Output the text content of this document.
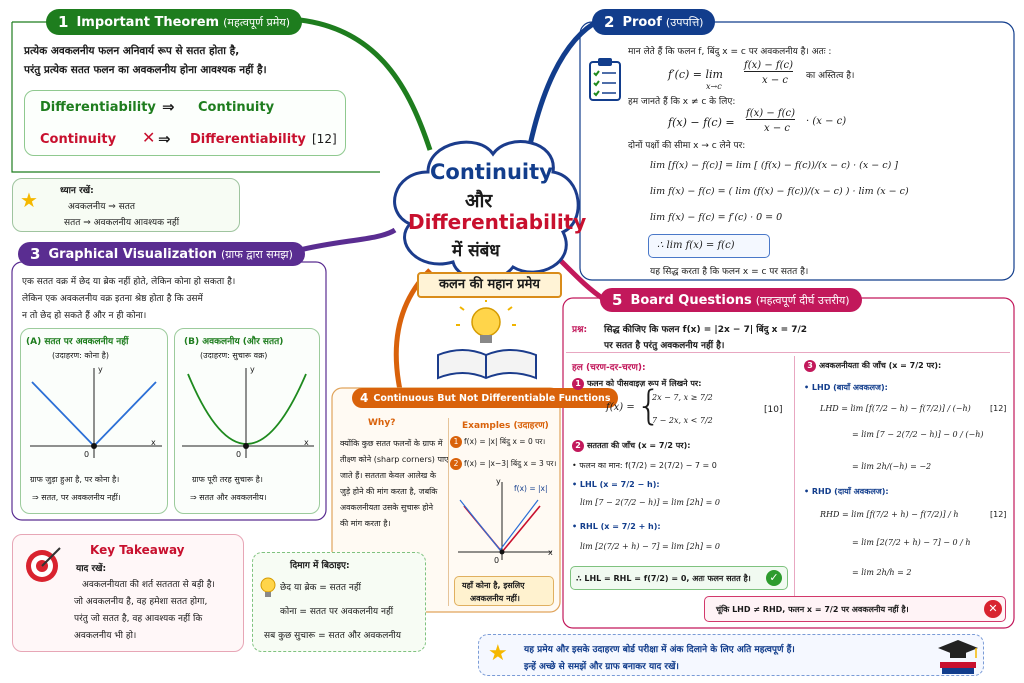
Continuity
और
Differentiability
में संबंध
कलन की महान प्रमेय
1 Important Theorem (महत्वपूर्ण प्रमेय)
प्रत्येक अवकलनीय फलन अनिवार्य रूप से सतत होता है,
परंतु प्रत्येक सतत फलन का अवकलनीय होना आवश्यक नहीं है।
Differentiability ⇒ Continuity
Continuity ✕ ⇒ Differentiability [12]
★ ध्यान रखें:
अवकलनीय ⇒ सतत
सतत ⇒ अवकलनीय आवश्यक नहीं
3 Graphical Visualization (ग्राफ द्वारा समझ)
एक सतत वक्र में छेद या ब्रेक नहीं होते, लेकिन कोना हो सकता है।
लेकिन एक अवकलनीय वक्र इतना श्रेष्ठ होता है कि उसमें
न तो छेद हो सकते हैं और न ही कोना।
(A) सतत पर अवकलनीय नहीं
(उदाहरण: कोना है)
x
y
0
ग्राफ जुड़ा हुआ है, पर कोना है।
⇒ सतत, पर अवकलनीय नहीं।
(B) अवकलनीय (और सतत)
(उदाहरण: सुचारू वक्र)
x
y
0
ग्राफ पूरी तरह सुचारू है।
⇒ सतत और अवकलनीय।
2 Proof (उपपत्ति)
मान लेते हैं कि फलन f, बिंदु x = c पर अवकलनीय है। अतः :
f′(c) = lim
x→c
f(x) − f(c)
x − c का अस्तित्व है।
हम जानते हैं कि x ≠ c के लिए:
f(x) − f(c) =
f(x) − f(c)
x − c
· (x − c)
दोनों पक्षों की सीमा x → c लेने पर:
lim [f(x) − f(c)] = lim [ (f(x) − f(c))/(x − c) · (x − c) ]
lim f(x) − f(c) = ( lim (f(x) − f(c))/(x − c) ) · lim (x − c)
lim f(x) − f(c) = f′(c) · 0 = 0
∴ lim f(x) = f(c)
यह सिद्ध करता है कि फलन x = c पर सतत है।
4 Continuous But Not Differentiable Functions
Why?
क्योंकि कुछ सतत फलनों के ग्राफ में
तीक्ष्ण कोने (sharp corners) पाए
जाते हैं। सततता केवल आलेख के
जुड़े होने की मांग करता है, जबकि
अवकलनीयता उसके सुचारू होने
की मांग करता है।
Examples (उदाहरण)
1 f(x) = |x| बिंदु x = 0 पर।
2 f(x) = |x−3| बिंदु x = 3 पर।
f(x) = |x|
x
y
0
यहाँ कोना है, इसलिए
अवकलनीय नहीं।
5 Board Questions (महत्वपूर्ण दीर्घ उत्तरीय)
प्रश्न: सिद्ध कीजिए कि फलन f(x) = |2x − 7| बिंदु x = 7/2
पर सतत है परंतु अवकलनीय नहीं है।
हल (चरण-दर-चरण):
1 फलन को पीसवाइज़ रूप में लिखने पर:
f(x) = {
2x − 7, x ≥ 7/2
7 − 2x, x < 7/2
[10]
2 सततता की जाँच (x = 7/2 पर):
• फलन का मान: f(7/2) = 2(7/2) − 7 = 0
• LHL (x = 7/2 − h):
lim [7 − 2(7/2 − h)] = lim [2h] = 0
• RHL (x = 7/2 + h):
lim [2(7/2 + h) − 7] = lim [2h] = 0
∴ LHL = RHL = f(7/2) = 0, अतः फलन सतत है।	✓
3 अवकलनीयता की जाँच (x = 7/2 पर):
• LHD (बायाँ अवकलज):
LHD = lim [f(7/2 − h) − f(7/2)] / (−h) [12]
= lim [7 − 2(7/2 − h)] − 0 / (−h)
= lim 2h/(−h) = −2
• RHD (दायाँ अवकलज):
RHD = lim [f(7/2 + h) − f(7/2)] / h	[12]
= lim [2(7/2 + h) − 7] − 0 / h
= lim 2h/h = 2
चूंकि LHD ≠ RHD, फलन x = 7/2 पर अवकलनीय नहीं है।	✕
Key Takeaway
याद रखें:
अवकलनीयता की शर्त सततता से बड़ी है।
जो अवकलनीय है, वह हमेशा सतत होगा,
परंतु जो सतत है, वह आवश्यक नहीं कि
अवकलनीय भी हो।
दिमाग में बिठाइए:
छेद या ब्रेक = सतत नहीं
कोना = सतत पर अवकलनीय नहीं
सब कुछ सुचारू = सतत और अवकलनीय
★ यह प्रमेय और इसके उदाहरण बोर्ड परीक्षा में अंक दिलाने के लिए अति महत्वपूर्ण हैं।
इन्हें अच्छे से समझें और ग्राफ बनाकर याद रखें।
